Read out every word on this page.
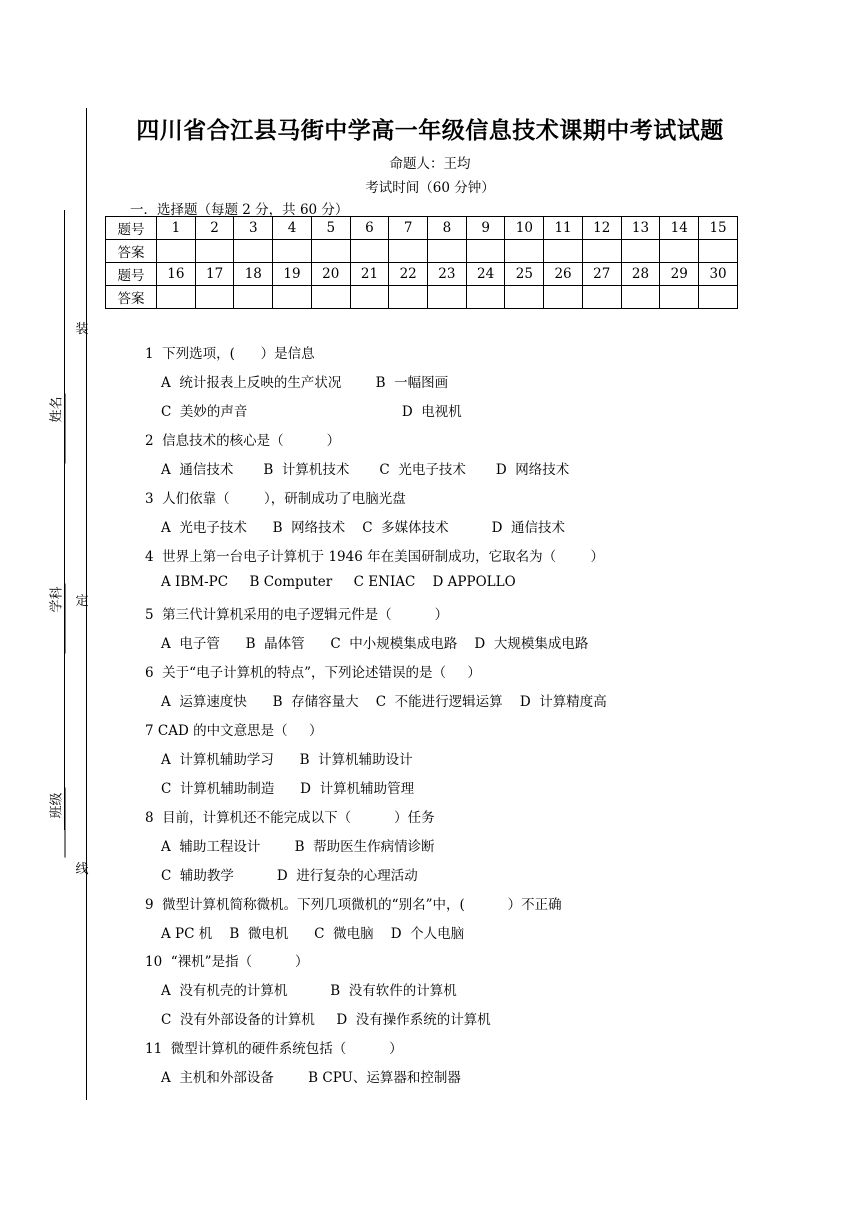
装
定
线
姓名
学科
班级
四川省合江县马街中学高一年级信息技术课期中考试试题
命题人：王均
考试时间（60 分钟）
一．选择题（每题 2 分，共 60 分）
题号	1	2	3	4	5	6	7	8	9	10	11	12	13	14	15
答案															
题号	16	17	18	19	20	21	22	23	24	25	26	27	28	29	30
答案															
1  下列选项，(      ）是信息
A  统计报表上反映的生产状况        B  一幅图画
C  美妙的声音                                    D  电视机
2  信息技术的核心是（          ）
A  通信技术       B  计算机技术       C  光电子技术       D  网络技术
3  人们依靠（        ），研制成功了电脑光盘
A  光电子技术      B  网络技术    C  多媒体技术          D  通信技术
4  世界上第一台电子计算机于 1946 年在美国研制成功，它取名为（        ）
A IBM-PC     B Computer     C ENIAC    D APPOLLO
5  第三代计算机采用的电子逻辑元件是（          ）
A  电子管      B  晶体管      C  中小规模集成电路    D  大规模集成电路
6  关于“电子计算机的特点”，下列论述错误的是（     ）
A  运算速度快      B  存储容量大    C  不能进行逻辑运算    D  计算精度高
7 CAD 的中文意思是（     ）
A  计算机辅助学习      B  计算机辅助设计
C  计算机辅助制造      D  计算机辅助管理
8  目前，计算机还不能完成以下（          ）任务
A  辅助工程设计        B  帮助医生作病情诊断
C  辅助教学          D  进行复杂的心理活动
9  微型计算机简称微机。下列几项微机的“别名”中，(          ）不正确
A PC 机    B  微电机      C  微电脑    D  个人电脑
10  “裸机”是指（          ）
A  没有机壳的计算机          B  没有软件的计算机
C  没有外部设备的计算机     D  没有操作系统的计算机
11  微型计算机的硬件系统包括（          ）
A  主机和外部设备        B CPU、运算器和控制器
